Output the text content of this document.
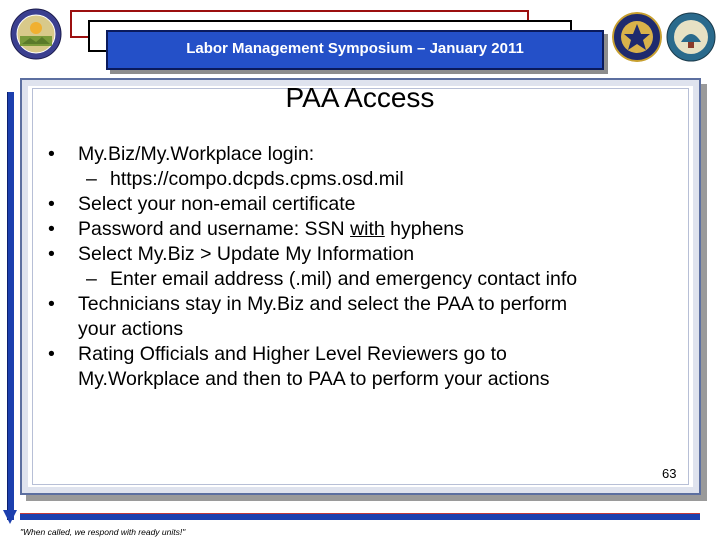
Labor Management Symposium – January 2011
PAA Access
• My.Biz/My.Workplace login:
– https://compo.dcpds.cpms.osd.mil
• Select your non-email certificate
• Password and username: SSN with hyphens
• Select My.Biz > Update My Information
– Enter email address (.mil) and emergency contact info
• Technicians stay in My.Biz and select the PAA to perform
your actions
• Rating Officials and Higher Level Reviewers go to
My.Workplace and then to PAA to perform your actions
63
"When called, we respond with ready units!"
